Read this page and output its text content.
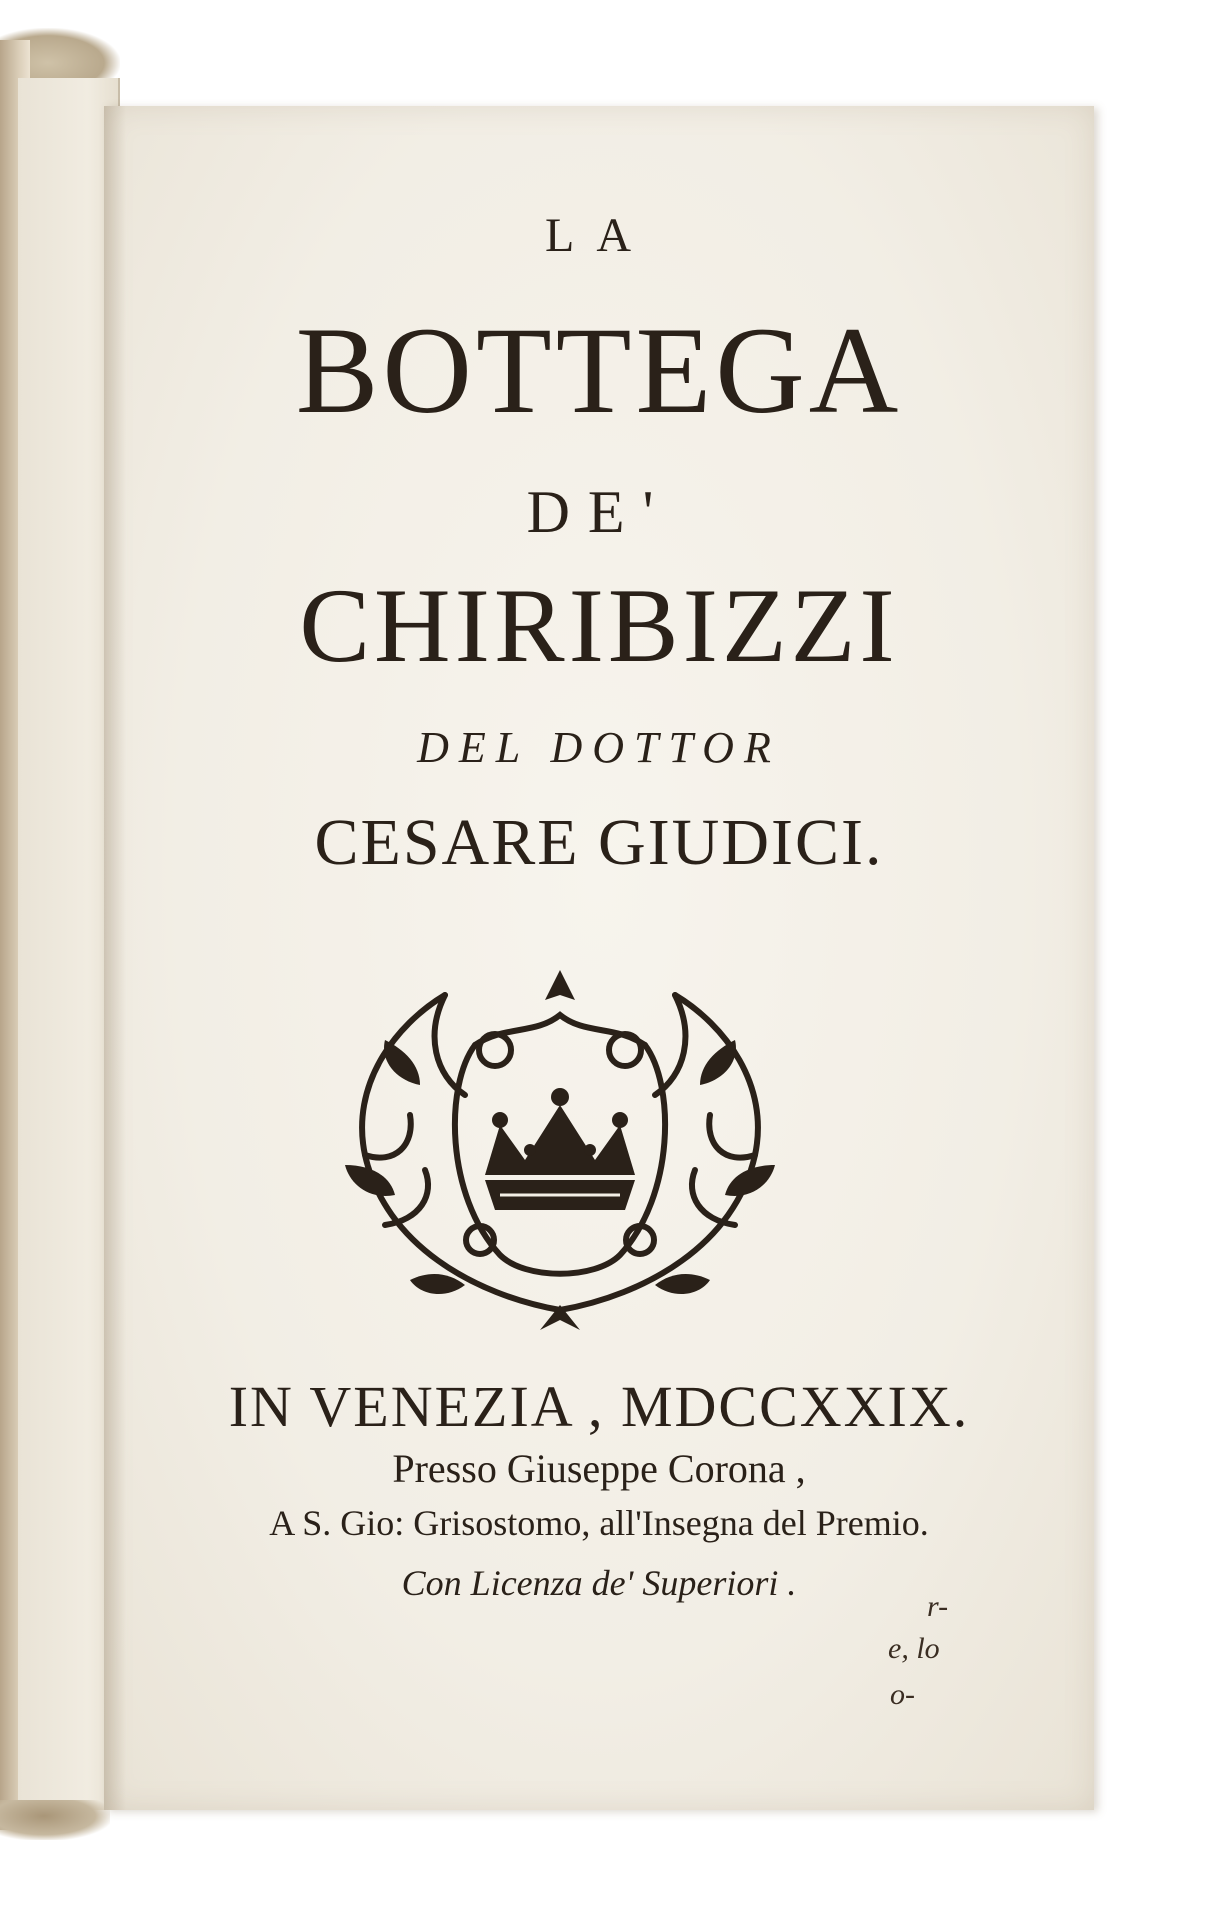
LA
BOTTEGA
DE'
CHIRIBIZZI
DEL DOTTOR
CESARE GIUDICI.
IN VENEZIA , MDCCXXIX.
Presso Giuseppe Corona ,
A S. Gio: Grisostomo, all'Insegna del Premio.
Con Licenza de' Superiori .
r-
e, lo
o-
